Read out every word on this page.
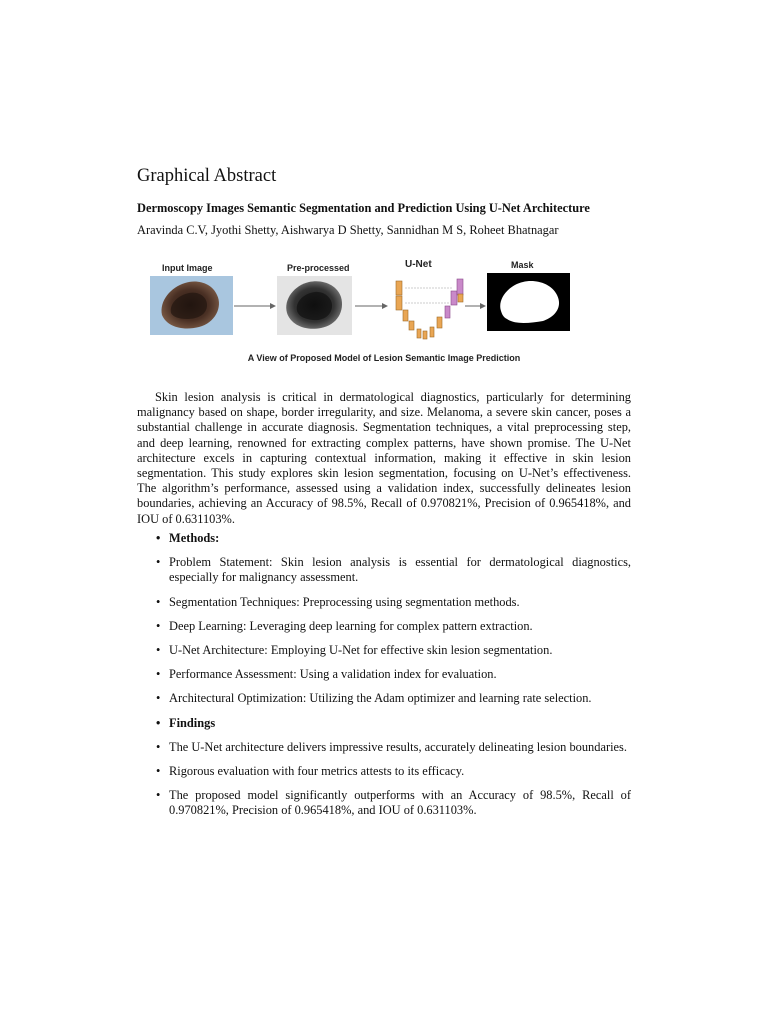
Graphical Abstract

Dermoscopy Images Semantic Segmentation and Prediction Using U-Net Architecture

Aravinda C.V, Jyothi Shetty, Aishwarya D Shetty, Sannidhan M S, Roheet Bhatnagar

Input Image	Pre-processed	U-Net	Mask
A View of Proposed Model of Lesion Semantic Image Prediction

Skin lesion analysis is critical in dermatological diagnostics, particularly for determining malignancy based on shape, border irregularity, and size. Melanoma, a severe skin cancer, poses a substantial challenge in accurate diagnosis. Segmentation techniques, a vital preprocessing step, and deep learning, renowned for extracting complex patterns, have shown promise. The U-Net architecture excels in capturing contextual information, making it effective in skin lesion segmentation. This study explores skin lesion segmentation, focusing on U-Net’s effectiveness. The algorithm’s performance, assessed using a validation index, successfully delineates lesion boundaries, achieving an Accuracy of 98.5%, Recall of 0.970821%, Precision of 0.965418%, and IOU of 0.631103%.

• Methods:
• Problem Statement: Skin lesion analysis is essential for dermatological diagnostics, especially for malignancy assessment.
• Segmentation Techniques: Preprocessing using segmentation methods.
• Deep Learning: Leveraging deep learning for complex pattern extraction.
• U-Net Architecture: Employing U-Net for effective skin lesion segmentation.
• Performance Assessment: Using a validation index for evaluation.
• Architectural Optimization: Utilizing the Adam optimizer and learning rate selection.
• Findings
• The U-Net architecture delivers impressive results, accurately delineating lesion boundaries.
• Rigorous evaluation with four metrics attests to its efficacy.
• The proposed model significantly outperforms with an Accuracy of 98.5%, Recall of 0.970821%, Precision of 0.965418%, and IOU of 0.631103%.
